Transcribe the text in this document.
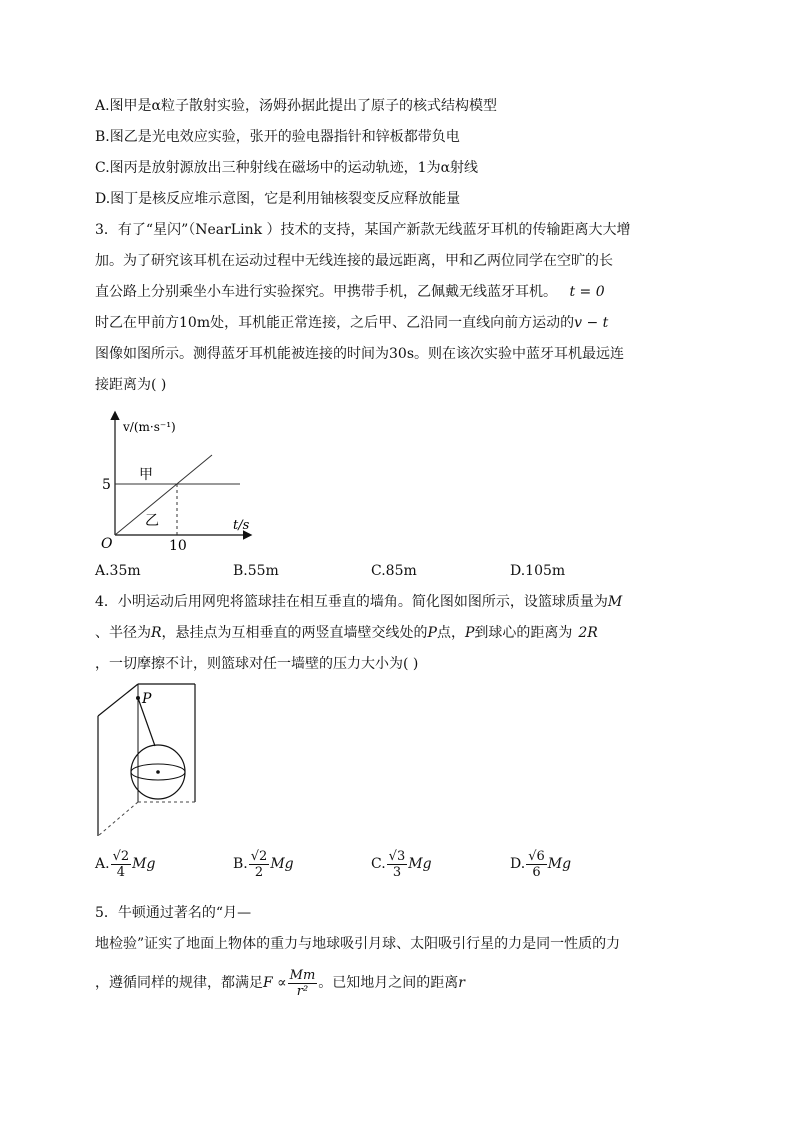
A.图甲是α粒子散射实验，汤姆孙据此提出了原子的核式结构模型
B.图乙是光电效应实验，张开的验电器指针和锌板都带负电
C.图丙是放射源放出三种射线在磁场中的运动轨迹，1为α射线
D.图丁是核反应堆示意图，它是利用铀核裂变反应释放能量
3．有了“星闪”（NearLink ）技术的支持，某国产新款无线蓝牙耳机的传输距离大大增
加。为了研究该耳机在运动过程中无线连接的最远距离，甲和乙两位同学在空旷的长
直公路上分别乘坐小车进行实验探究。甲携带手机，乙佩戴无线蓝牙耳机。 t = 0
时乙在甲前方10m处，耳机能正常连接，之后甲、乙沿同一直线向前方运动的v − t
图像如图所示。测得蓝牙耳机能被连接的时间为30s。则在该次实验中蓝牙耳机最远连
接距离为( )
v/(m·s⁻¹)
t/s
O
5
10
甲
乙
A.35m	B.55m	C.85m	D.105m
4．小明运动后用网兜将篮球挂在相互垂直的墙角。简化图如图所示，设篮球质量为M
、半径为R，悬挂点为互相垂直的两竖直墙壁交线处的P点，P到球心的距离为 2R
，一切摩擦不计，则篮球对任一墙壁的压力大小为( )
P
A. $\frac{√2}{4}$ Mg	B. $\frac{√2}{2}$ Mg	C. $\frac{√3}{3}$ Mg	D. $\frac{√6}{6}$ Mg
5．牛顿通过著名的“月—
地检验”证实了地面上物体的重力与地球吸引月球、太阳吸引行星的力是同一性质的力
，遵循同样的规律，都满足$F \propto \frac{Mm}{\text{r²}}$ 。已知地月之间的距离r
